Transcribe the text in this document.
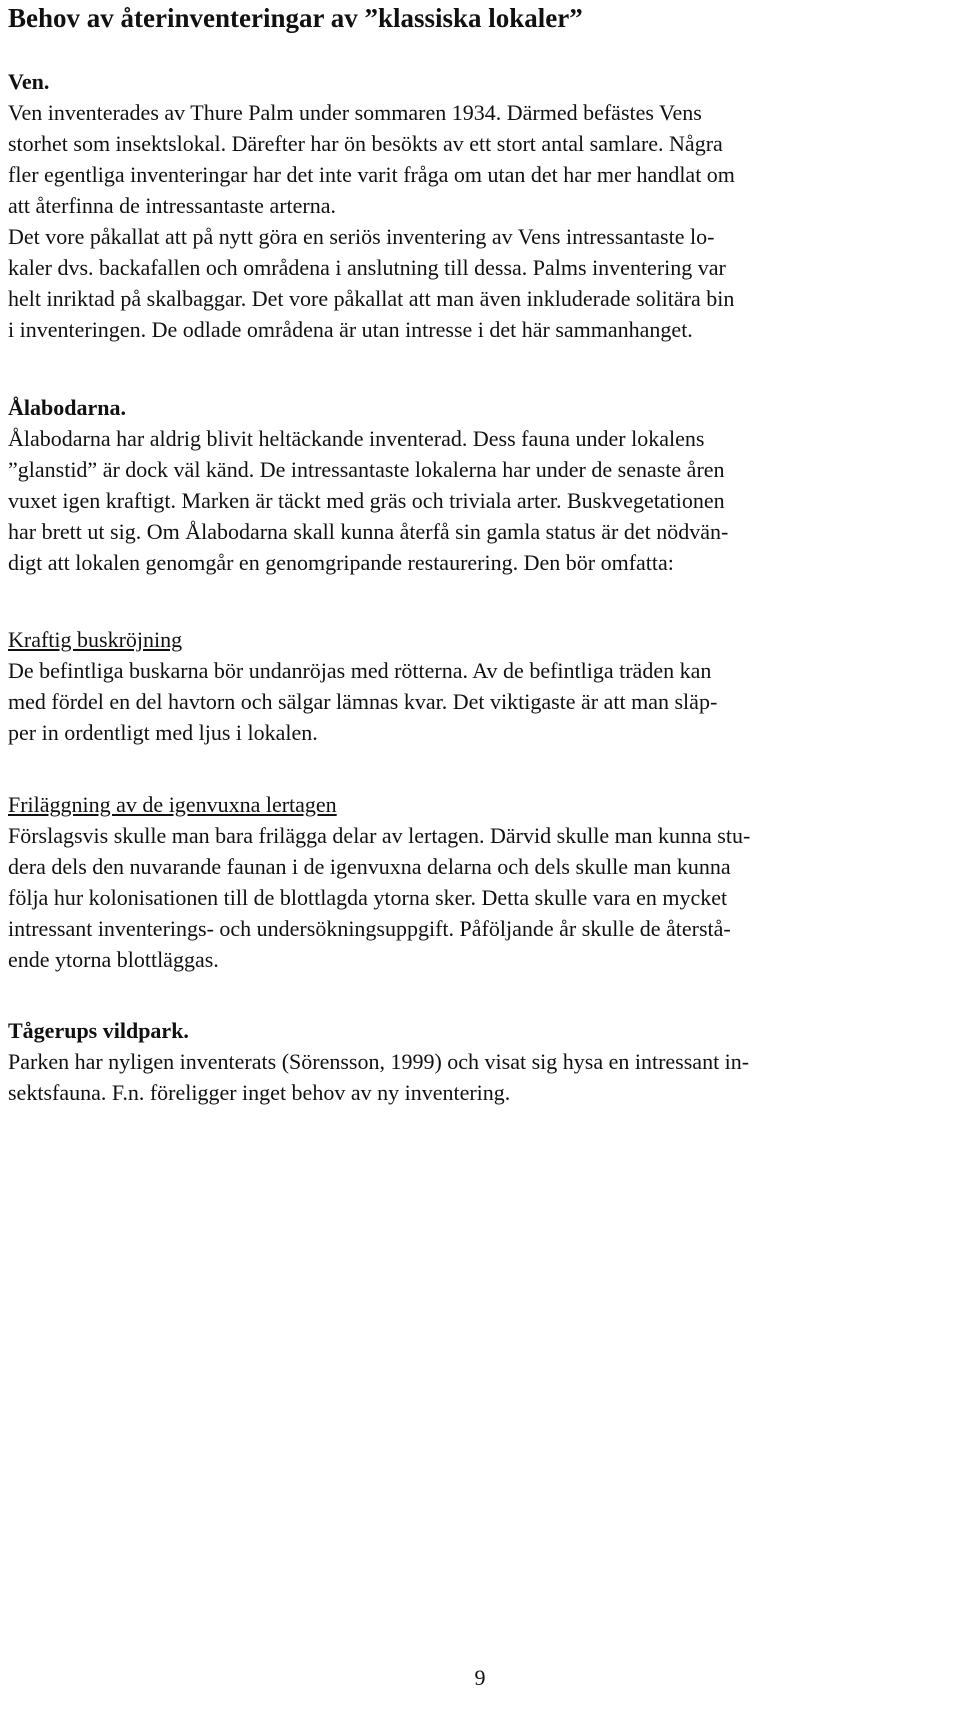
Behov av återinventeringar av ”klassiska lokaler”

Ven.

Ven inventerades av Thure Palm under sommaren 1934. Därmed befästes Vens
storhet som insektslokal. Därefter har ön besökts av ett stort antal samlare. Några
fler egentliga inventeringar har det inte varit fråga om utan det har mer handlat om
att återfinna de intressantaste arterna.
Det vore påkallat att på nytt göra en seriös inventering av Vens intressantaste lo-
kaler dvs. backafallen och områdena i anslutning till dessa. Palms inventering var
helt inriktad på skalbaggar. Det vore påkallat att man även inkluderade solitära bin
i inventeringen. De odlade områdena är utan intresse i det här sammanhanget.

Ålabodarna.

Ålabodarna har aldrig blivit heltäckande inventerad. Dess fauna under lokalens
”glanstid” är dock väl känd. De intressantaste lokalerna har under de senaste åren
vuxet igen kraftigt. Marken är täckt med gräs och triviala arter. Buskvegetationen
har brett ut sig. Om Ålabodarna skall kunna återfå sin gamla status är det nödvän-
digt att lokalen genomgår en genomgripande restaurering. Den bör omfatta:

Kraftig buskröjning

De befintliga buskarna bör undanröjas med rötterna. Av de befintliga träden kan
med fördel en del havtorn och sälgar lämnas kvar. Det viktigaste är att man släp-
per in ordentligt med ljus i lokalen.

Friläggning av de igenvuxna lertagen

Förslagsvis skulle man bara frilägga delar av lertagen. Därvid skulle man kunna stu-
dera dels den nuvarande faunan i de igenvuxna delarna och dels skulle man kunna
följa hur kolonisationen till de blottlagda ytorna sker. Detta skulle vara en mycket
intressant inventerings- och undersökningsuppgift. Påföljande år skulle de återstå-
ende ytorna blottläggas.

Tågerups vildpark.

Parken har nyligen inventerats (Sörensson, 1999) och visat sig hysa en intressant in-
sektsfauna. F.n. föreligger inget behov av ny inventering.

9
